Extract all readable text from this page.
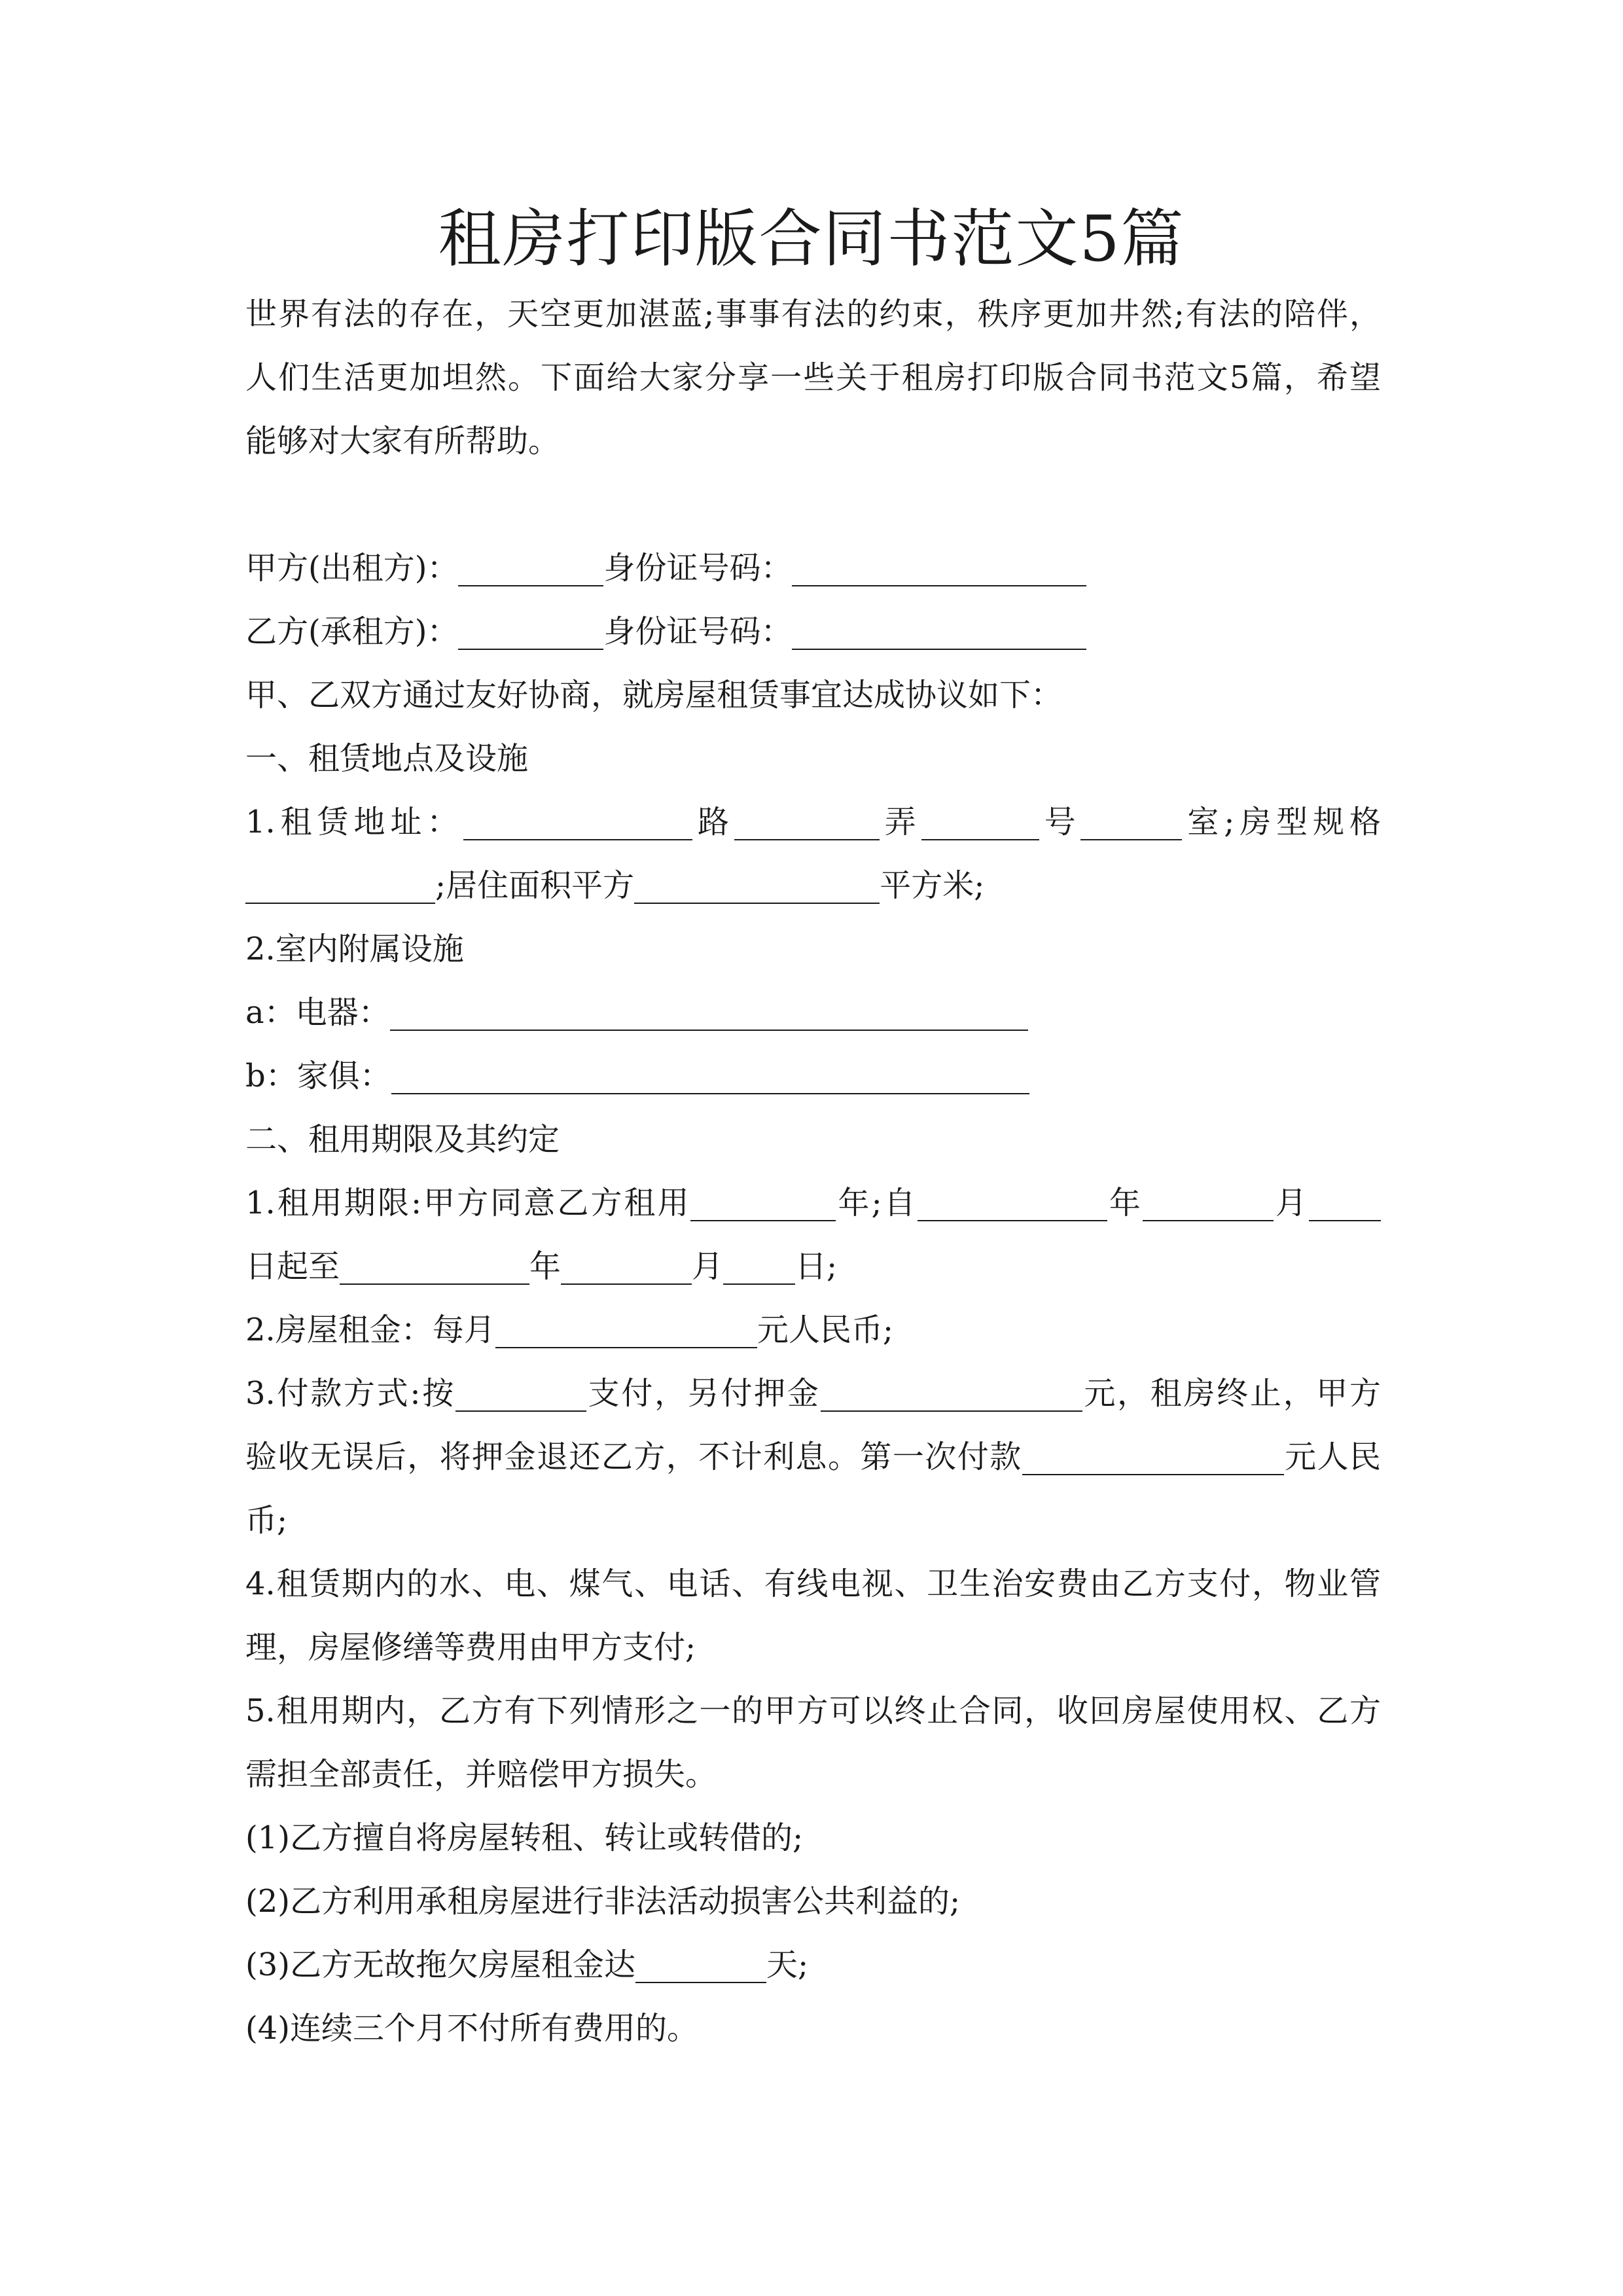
租房打印版合同书范文5篇
世界有法的存在，天空更加湛蓝;事事有法的约束，秩序更加井然;有法的陪伴，
人们生活更加坦然。下面给大家分享一些关于租房打印版合同书范文5篇，希望
能够对大家有所帮助。
甲方(出租方)：	身份证号码：
乙方(承租方)：	身份证号码：
甲、乙双方通过友好协商，就房屋租赁事宜达成协议如下：
一、租赁地点及设施
1.租赁地址：	路	弄	号	室;房型规格
;居住面积平方	平方米;
2.室内附属设施
a：电器：
b：家俱：
二、租用期限及其约定
1.租用期限:甲方同意乙方租用	年;自	年	月
日起至	年	月 日;
2.房屋租金：每月	元人民币;
3.付款方式:按	支付，另付押金	元，租房终止，甲方
验收无误后，将押金退还乙方，不计利息。第一次付款	元人民
币;
4.租赁期内的水、电、煤气、电话、有线电视、卫生治安费由乙方支付，物业管
理，房屋修缮等费用由甲方支付;
5.租用期内，乙方有下列情形之一的甲方可以终止合同，收回房屋使用权、乙方
需担全部责任，并赔偿甲方损失。
(1)乙方擅自将房屋转租、转让或转借的;
(2)乙方利用承租房屋进行非法活动损害公共利益的;
(3)乙方无故拖欠房屋租金达	天;
(4)连续三个月不付所有费用的。
